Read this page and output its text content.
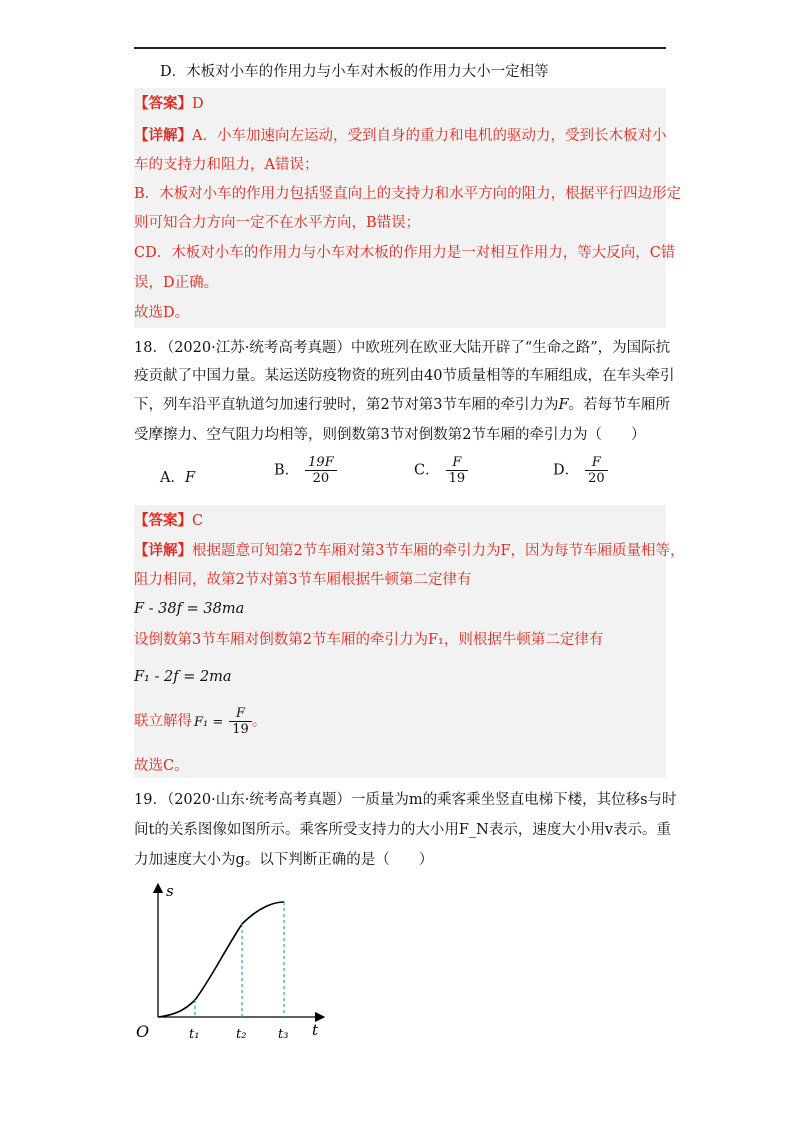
D．木板对小车的作用力与小车对木板的作用力大小一定相等
【答案】D
【详解】A．小车加速向左运动，受到自身的重力和电机的驱动力，受到长木板对小
车的支持力和阻力，A错误；
B．木板对小车的作用力包括竖直向上的支持力和水平方向的阻力，根据平行四边形定
则可知合力方向一定不在水平方向，B错误；
CD．木板对小车的作用力与小车对木板的作用力是一对相互作用力，等大反向，C错
误，D正确。
故选D。
18．（2020·江苏·统考高考真题）中欧班列在欧亚大陆开辟了“生命之路”，为国际抗
疫贡献了中国力量。某运送防疫物资的班列由40节质量相等的车厢组成，在车头牵引
下，列车沿平直轨道匀加速行驶时，第2节对第3节车厢的牵引力为F。若每节车厢所
受摩擦力、空气阻力均相等，则倒数第3节对倒数第2节车厢的牵引力为（　　）
A．F	B． $\frac{19F}{20}$	C． $\frac{F}{19}$	D． $\frac{F}{20}$
【答案】C
【详解】根据题意可知第2节车厢对第3节车厢的牵引力为F，因为每节车厢质量相等，
阻力相同，故第2节对第3节车厢根据牛顿第二定律有
F - 38f = 38ma
设倒数第3节车厢对倒数第2节车厢的牵引力为F₁，则根据牛顿第二定律有
F₁ - 2f = 2ma
联立解得 $F_1 = \frac{F}{19}$ 。
故选C。
19．（2020·山东·统考高考真题）一质量为m的乘客乘坐竖直电梯下楼，其位移s与时
间t的关系图像如图所示。乘客所受支持力的大小用F_N表示，速度大小用v表示。重
力加速度大小为g。以下判断正确的是（　　）
s
t
O	t₁	t₂ t₃
